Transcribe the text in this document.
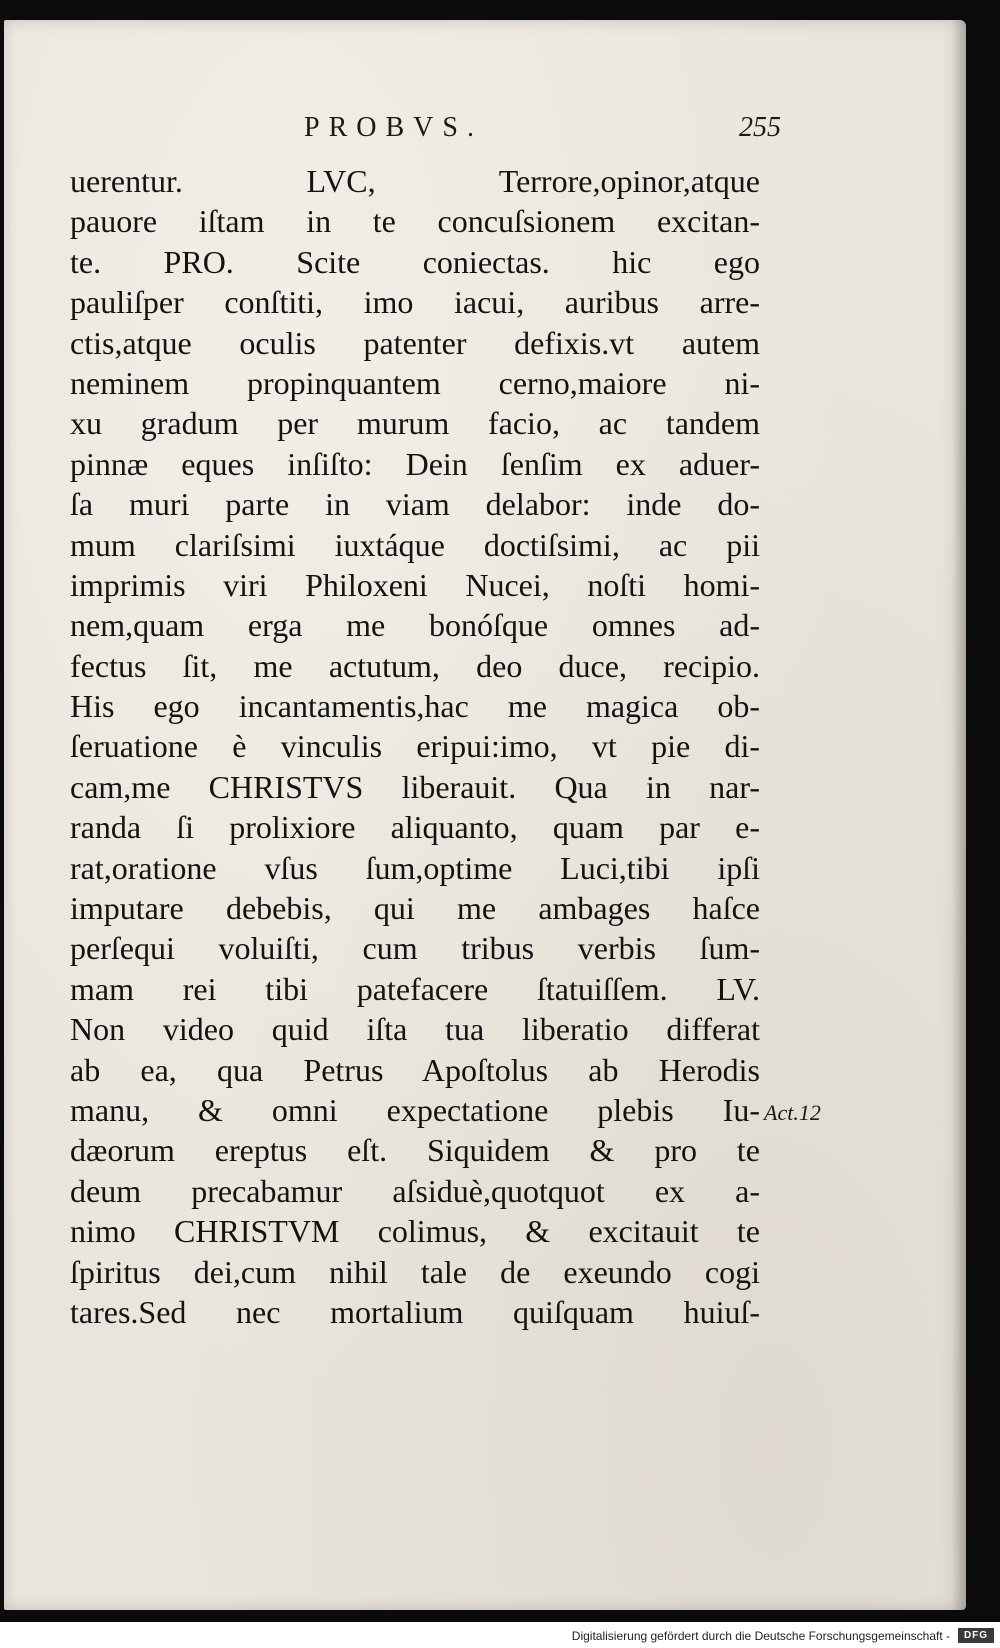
PROBVS.	255
uerentur. LVC, Terrore,opinor,atque
pauore iſtam in te concuſsionem excitan-
te. PRO. Scite coniectas. hic ego
pauliſper conſtiti, imo iacui, auribus arre-
ctis,atque oculis patenter defixis.vt autem
neminem propinquantem cerno,maiore ni-
xu gradum per murum facio, ac tandem
pinnæ eques inſiſto: Dein ſenſim ex aduer-
ſa muri parte in viam delabor: inde do-
mum clariſsimi iuxtáque doctiſsimi, ac pii
imprimis viri Philoxeni Nucei, noſti homi-
nem,quam erga me bonóſque omnes ad-
fectus ſit, me actutum, deo duce, recipio.
His ego incantamentis,hac me magica ob-
ſeruatione è vinculis eripui:imo, vt pie di-
cam,me CHRISTVS liberauit. Qua in nar-
randa ſi prolixiore aliquanto, quam par e-
rat,oratione vſus ſum,optime Luci,tibi ipſi
imputare debebis, qui me ambages haſce
perſequi voluiſti, cum tribus verbis ſum-
mam rei tibi patefacere ſtatuiſſem. LV.
Non video quid iſta tua liberatio differat
ab ea, qua Petrus Apoſtolus ab Herodis
manu, & omni expectatione plebis Iu-
dæorum ereptus eſt. Siquidem & pro te
deum precabamur aſsiduè,quotquot ex a-
nimo CHRISTVM colimus, & excitauit te
ſpiritus dei,cum nihil tale de exeundo cogi
tares.Sed nec mortalium quiſquam huiuſ-
Act.12
Digitalisierung gefördert durch die Deutsche Forschungsgemeinschaft -	DFG
